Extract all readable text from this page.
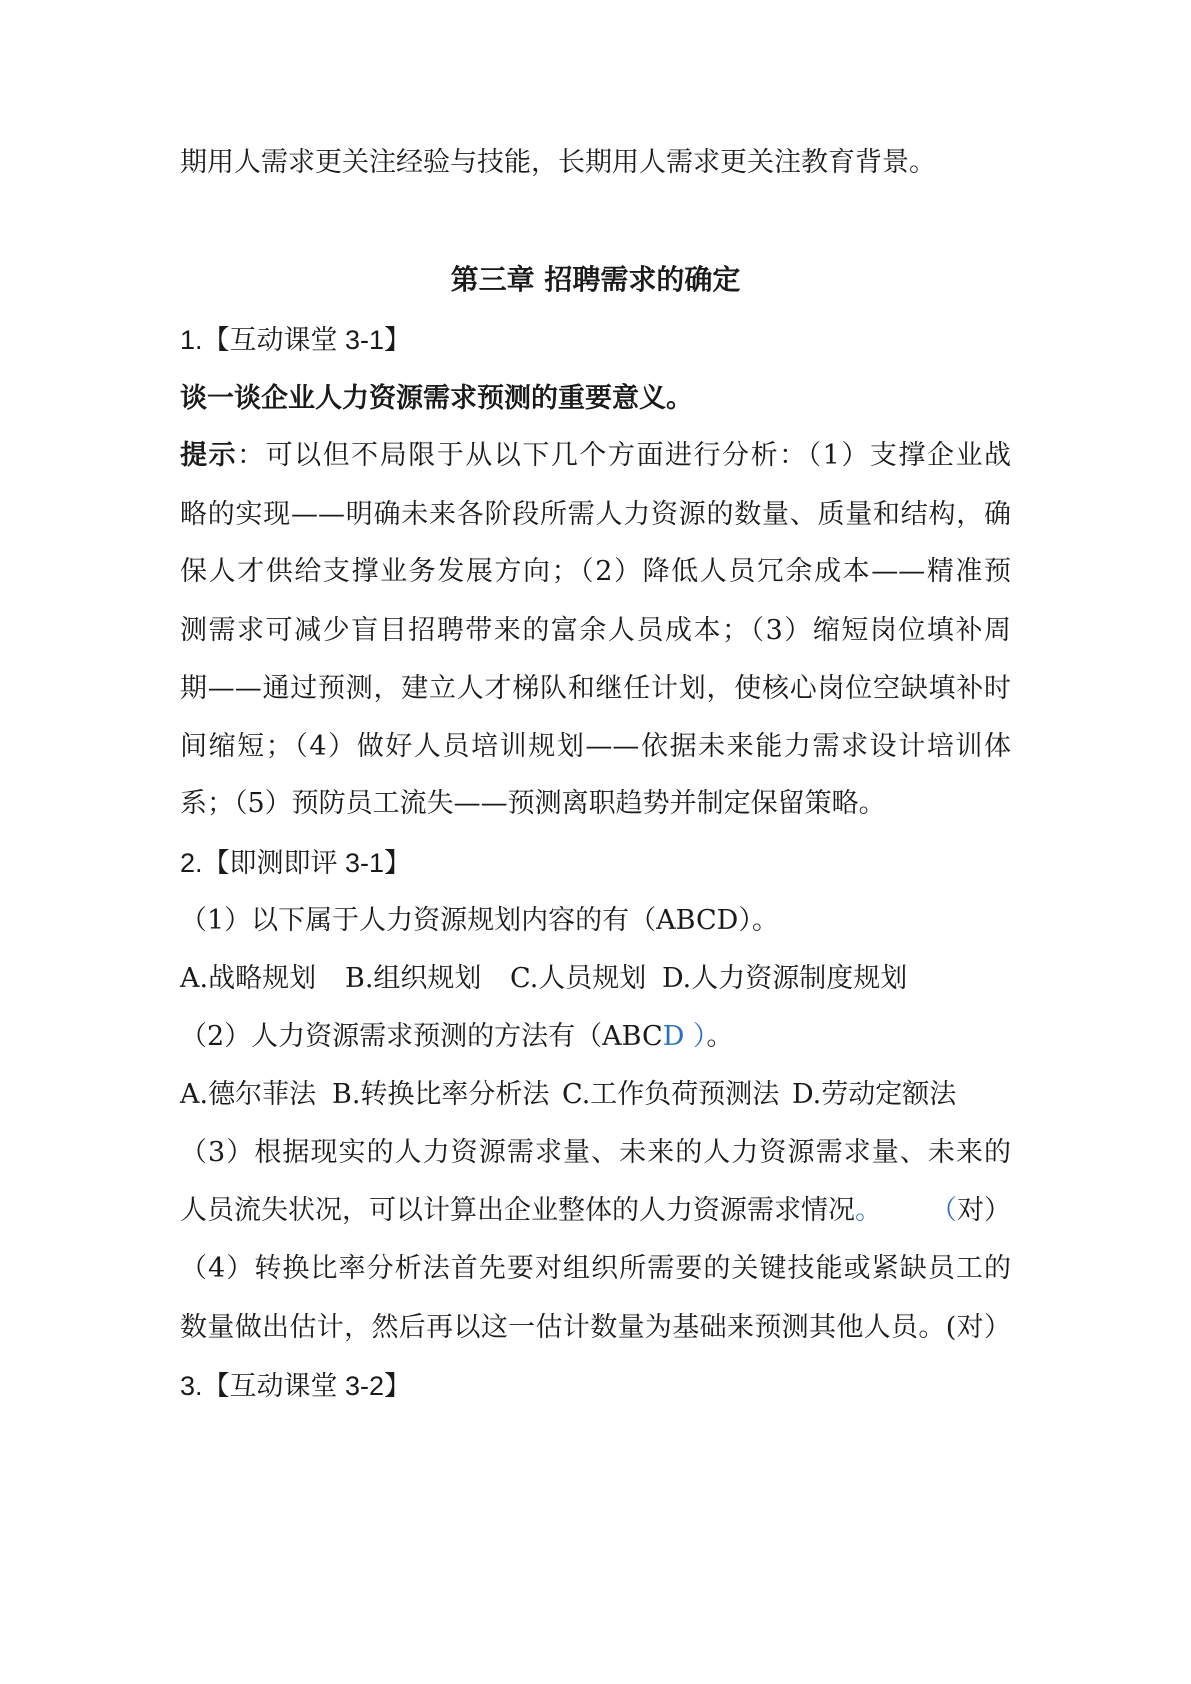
期用人需求更关注经验与技能，长期用人需求更关注教育背景。
第三章 招聘需求的确定
1.【互动课堂 3-1】
谈一谈企业人力资源需求预测的重要意义。
提示：可以但不局限于从以下几个方面进行分析：（1）支撑企业战
略的实现——明确未来各阶段所需人力资源的数量、质量和结构，确
保人才供给支撑业务发展方向；（2）降低人员冗余成本——精准预
测需求可减少盲目招聘带来的富余人员成本；（3）缩短岗位填补周
期——通过预测，建立人才梯队和继任计划，使核心岗位空缺填补时
间缩短；（4）做好人员培训规划——依据未来能力需求设计培训体
系；（5）预防员工流失——预测离职趋势并制定保留策略。
2.【即测即评 3-1】
（1）以下属于人力资源规划内容的有（ABCD）。
A.战略规划 B.组织规划 C.人员规划 D.人力资源制度规划
（2）人力资源需求预测的方法有（ABCD ）。
A.德尔菲法 B.转换比率分析法 C.工作负荷预测法 D.劳动定额法
（3）根据现实的人力资源需求量、未来的人力资源需求量、未来的
人员流失状况，可以计算出企业整体的人力资源需求情况。 （对）
（4）转换比率分析法首先要对组织所需要的关键技能或紧缺员工的
数量做出估计，然后再以这一估计数量为基础来预测其他人员。(对）
3.【互动课堂 3-2】
